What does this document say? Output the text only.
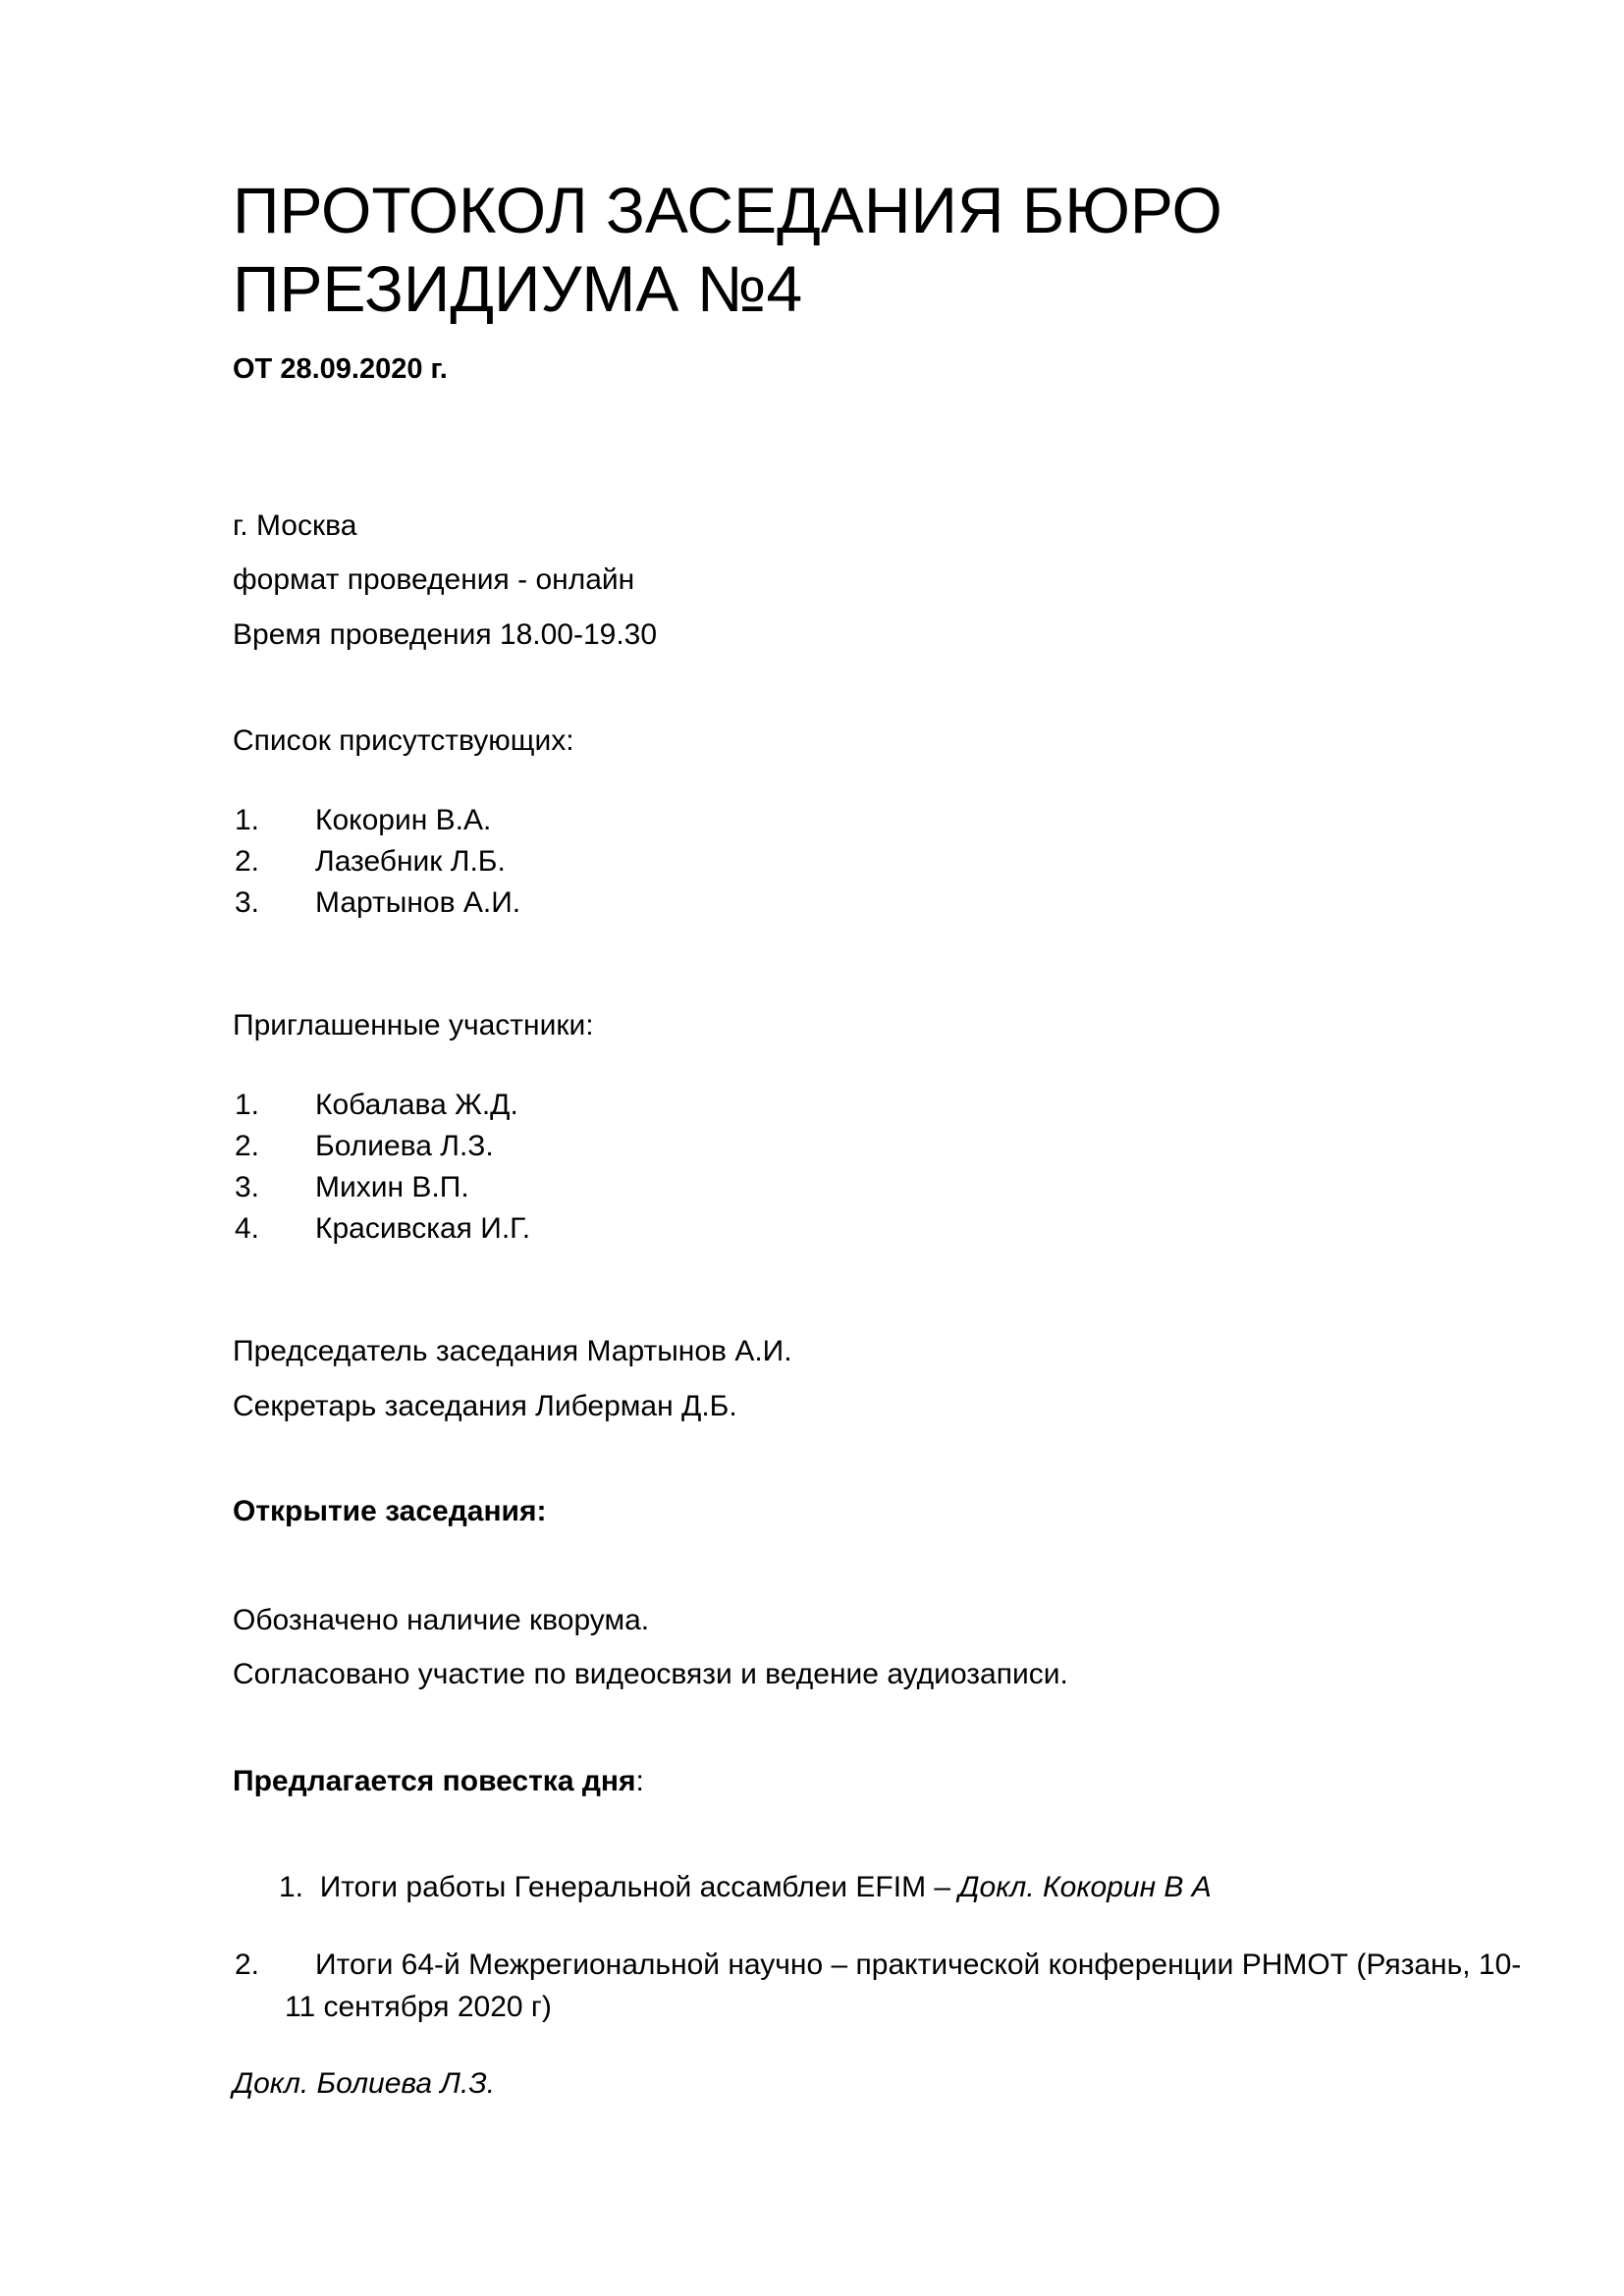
ПРОТОКОЛ ЗАСЕДАНИЯ БЮРО
ПРЕЗИДИУМА №4
ОТ 28.09.2020 г.
г. Москва
формат проведения - онлайн
Время проведения 18.00-19.30
Список присутствующих:
1. Кокорин В.А.
2. Лазебник Л.Б.
3. Мартынов А.И.
Приглашенные участники:
1. Кобалава Ж.Д.
2. Болиева Л.З.
3. Михин В.П.
4. Красивская И.Г.
Председатель заседания Мартынов А.И.
Секретарь заседания Либерман Д.Б.
Открытие заседания:
Обозначено наличие кворума.
Согласовано участие по видеосвязи и ведение аудиозаписи.
Предлагается повестка дня:
1. Итоги работы Генеральной ассамблеи EFIM – Докл. Кокорин В А
2. Итоги 64-й Межрегиональной научно – практической конференции РНМОТ (Рязань, 10-
11 сентября 2020 г)
Докл. Болиева Л.З.
